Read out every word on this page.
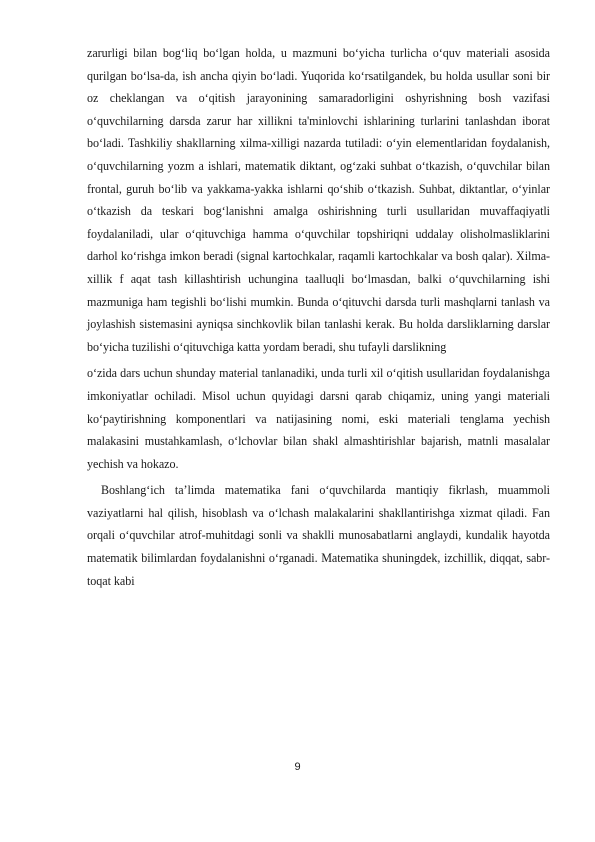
zarurligi bilan bog‘liq bo‘lgan holda, u mazmuni bo‘yicha turlicha o‘quv materiali asosida qurilgan bo‘lsa-da, ish ancha qiyin bo‘ladi. Yuqorida ko‘rsatilgandek, bu holda usullar soni bir oz cheklangan va o‘qitish jarayonining samaradorligini oshyrishning bosh vazifasi o‘quvchilarning darsda zarur har xillikni ta'minlovchi ishlarining turlarini tanlashdan iborat bo‘ladi. Tashkiliy shakllarning xilma-xilligi nazarda tutiladi: o‘yin elementlaridan foydalanish, o‘quvchilarning yozm a ishlari, matematik diktant, og‘zaki suhbat o‘tkazish, o‘quvchilar bilan frontal, guruh bo‘lib va yakkama-yakka ishlarni qo‘shib o‘tkazish. Suhbat, diktantlar, o‘yinlar o‘tkazish da teskari bog‘lanishni amalga oshirishning turli usullaridan muvaffaqiyatli foydalaniladi, ular o‘qituvchiga hamma o‘quvchilar topshiriqni uddalay olisholmasliklarini darhol ko‘rishga imkon beradi (signal kartochkalar, raqamli kartochkalar va bosh qalar). Xilma-xillik f aqat tash killashtirish uchungina taalluqli bo‘lmasdan, balki o‘quvchilarning ishi mazmuniga ham tegishli bo‘lishi mumkin. Bunda o‘qituvchi darsda turli mashqlarni tanlash va joylashish sistemasini ayniqsa sinchkovlik bilan tanlashi kerak. Bu holda darsliklarning darslar bo‘yicha tuzilishi o‘qituvchiga katta yordam beradi, shu tufayli darslikning

o‘zida dars uchun shunday material tanlanadiki, unda turli xil o‘qitish usullaridan foydalanishga imkoniyatlar ochiladi. Misol uchun quyidagi darsni qarab chiqamiz, uning yangi materiali ko‘paytirishning komponentlari va natijasining nomi, eski materiali tenglama yechish malakasini mustahkamlash, o‘lchovlar bilan shakl almashtirishlar bajarish, matnli masalalar yechish va hokazo.

Boshlang‘ich ta’limda matematika fani o‘quvchilarda mantiqiy fikrlash, muammoli vaziyatlarni hal qilish, hisoblash va o‘lchash malakalarini shakllantirishga xizmat qiladi. Fan orqali o‘quvchilar atrof-muhitdagi sonli va shaklli munosabatlarni anglaydi, kundalik hayotda matematik bilimlardan foydalanishni o‘rganadi. Matematika shuningdek, izchillik, diqqat, sabr-toqat kabi

9
